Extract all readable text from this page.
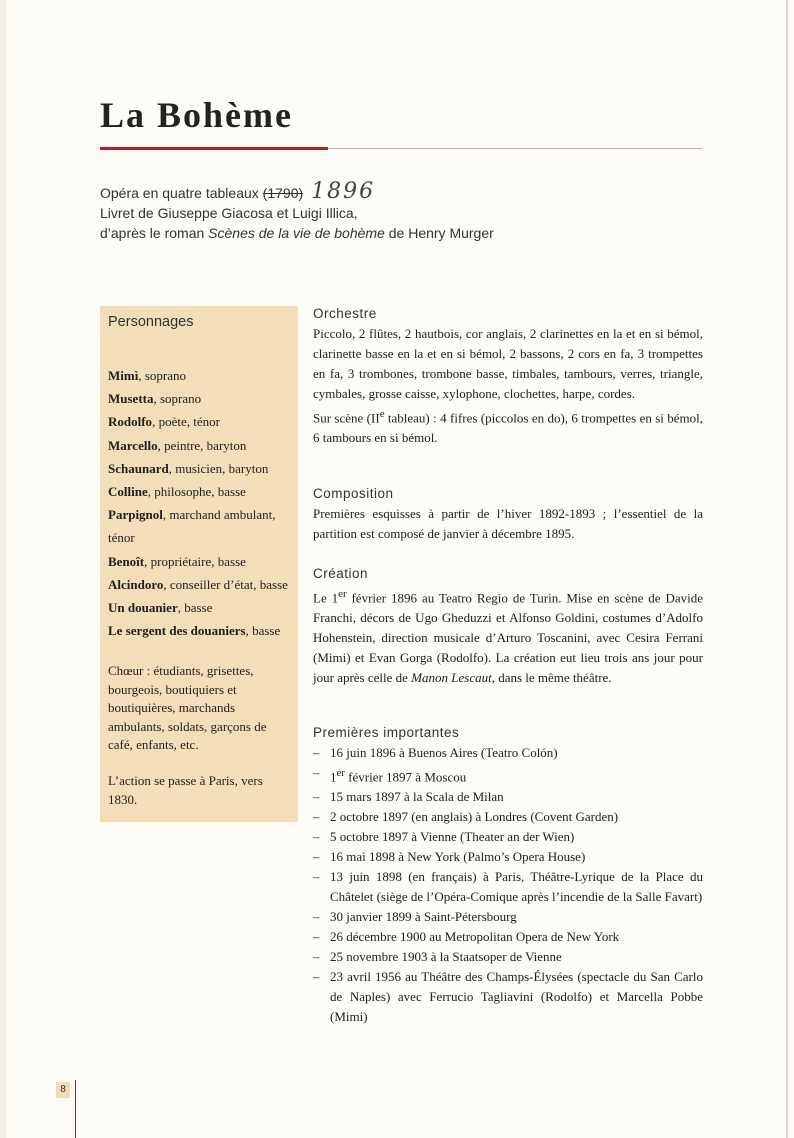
La Bohème

Opéra en quatre tableaux (1790) 1896

Livret de Giuseppe Giacosa et Luigi Illica,

d’après le roman Scènes de la vie de bohème de Henry Murger

Personnages
Mimì, soprano
Musetta, soprano
Rodolfo, poète, ténor
Marcello, peintre, baryton
Schaunard, musicien, baryton
Colline, philosophe, basse
Parpignol, marchand ambulant, ténor
Benoît, propriétaire, basse
Alcindoro, conseiller d’état, basse
Un douanier, basse
Le sergent des douaniers, basse

Chœur : étudiants, grisettes, bourgeois, boutiquiers et boutiquières, marchands ambulants, soldats, garçons de café, enfants, etc.

L’action se passe à Paris, vers 1830.

Orchestre

Piccolo, 2 flûtes, 2 hautbois, cor anglais, 2 clarinettes en la et en si bémol, clarinette basse en la et en si bémol, 2 bassons, 2 cors en fa, 3 trompettes en fa, 3 trombones, trombone basse, timbales, tambours, verres, triangle, cymbales, grosse caisse, xylophone, clochettes, harpe, cordes.

Sur scène (IIe tableau) : 4 fifres (piccolos en do), 6 trompettes en si bémol, 6 tambours en si bémol.

Composition

Premières esquisses à partir de l’hiver 1892-1893 ; l’essentiel de la partition est composé de janvier à décembre 1895.

Création

Le 1er février 1896 au Teatro Regio de Turin. Mise en scène de Davide Franchi, décors de Ugo Gheduzzi et Alfonso Goldini, costumes d’Adolfo Hohenstein, direction musicale d’Arturo Toscanini, avec Cesira Ferrani (Mimi) et Evan Gorga (Rodolfo). La création eut lieu trois ans jour pour jour après celle de Manon Lescaut, dans le même théâtre.

Premières importantes
– 16 juin 1896 à Buenos Aires (Teatro Colón)
– 1er février 1897 à Moscou
– 15 mars 1897 à la Scala de Milan
– 2 octobre 1897 (en anglais) à Londres (Covent Garden)
– 5 octobre 1897 à Vienne (Theater an der Wien)
– 16 mai 1898 à New York (Palmo’s Opera House)
– 13 juin 1898 (en français) à Paris, Théâtre-Lyrique de la Place du Châtelet (siège de l’Opéra-Comique après l’incendie de la Salle Favart)
– 30 janvier 1899 à Saint-Pétersbourg
– 26 décembre 1900 au Metropolitan Opera de New York
– 25 novembre 1903 à la Staatsoper de Vienne
– 23 avril 1956 au Théâtre des Champs-Élysées (spectacle du San Carlo de Naples) avec Ferrucio Tagliavini (Rodolfo) et Marcella Pobbe (Mimi)
8
